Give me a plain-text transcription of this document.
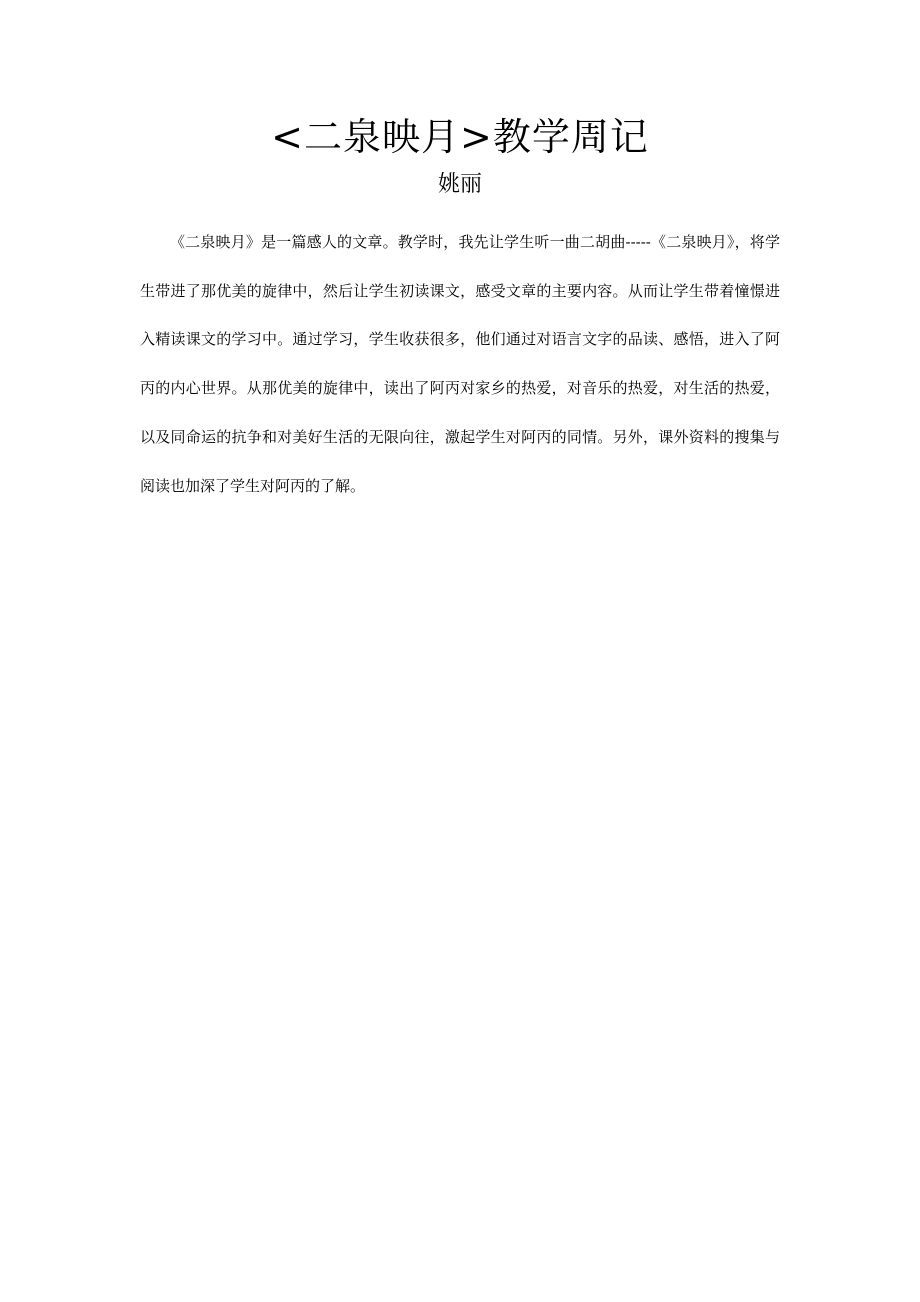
<二泉映月>教学周记
姚丽

《二泉映月》是一篇感人的文章。教学时，我先让学生听一曲二胡曲-----《二泉映月》，将学生带进了那优美的旋律中，然后让学生初读课文，感受文章的主要内容。从而让学生带着憧憬进入精读课文的学习中。通过学习，学生收获很多，他们通过对语言文字的品读、感悟，进入了阿丙的内心世界。从那优美的旋律中，读出了阿丙对家乡的热爱，对音乐的热爱，对生活的热爱，以及同命运的抗争和对美好生活的无限向往，激起学生对阿丙的同情。另外，课外资料的搜集与阅读也加深了学生对阿丙的了解。
